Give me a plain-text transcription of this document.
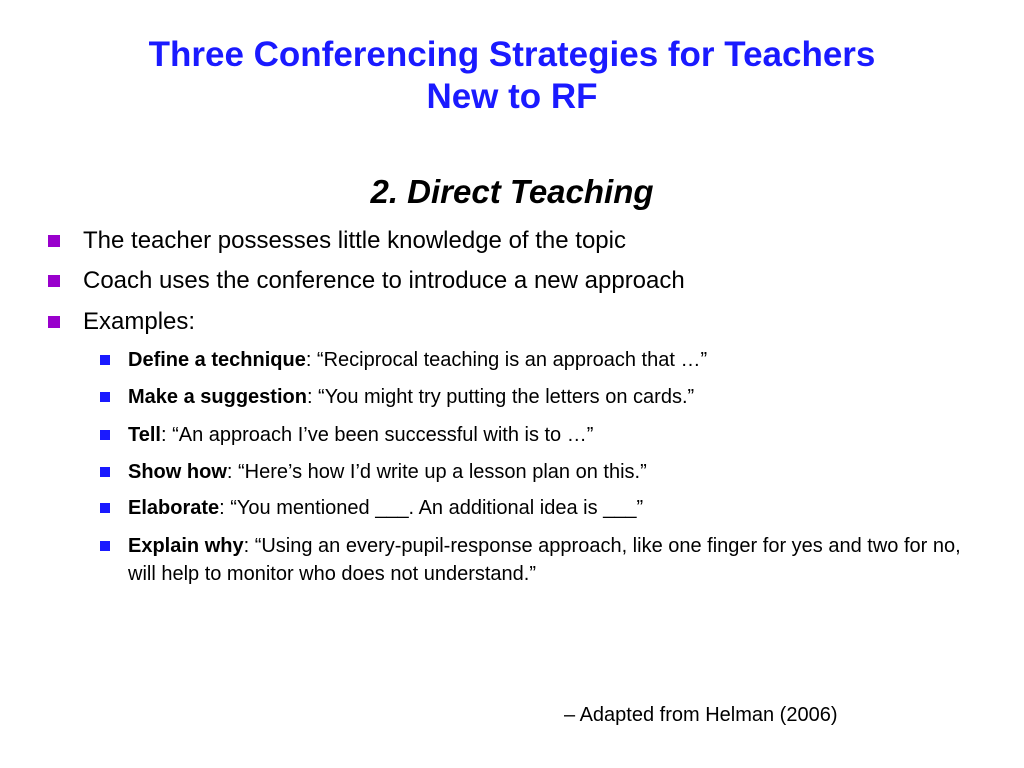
Three Conferencing Strategies for Teachers
New to RF
2. Direct Teaching
The teacher possesses little knowledge of the topic
Coach uses the conference to introduce a new approach
Examples:
Define a technique: “Reciprocal teaching is an approach that …”
Make a suggestion: “You might try putting the letters on cards.”
Tell: “An approach I’ve been successful with is to …”
Show how: “Here’s how I’d write up a lesson plan on this.”
Elaborate: “You mentioned ___. An additional idea is ___”
Explain why: “Using an every-pupil-response approach, like one finger for yes and two for no, will help to monitor who does not understand.”
– Adapted from Helman (2006)
